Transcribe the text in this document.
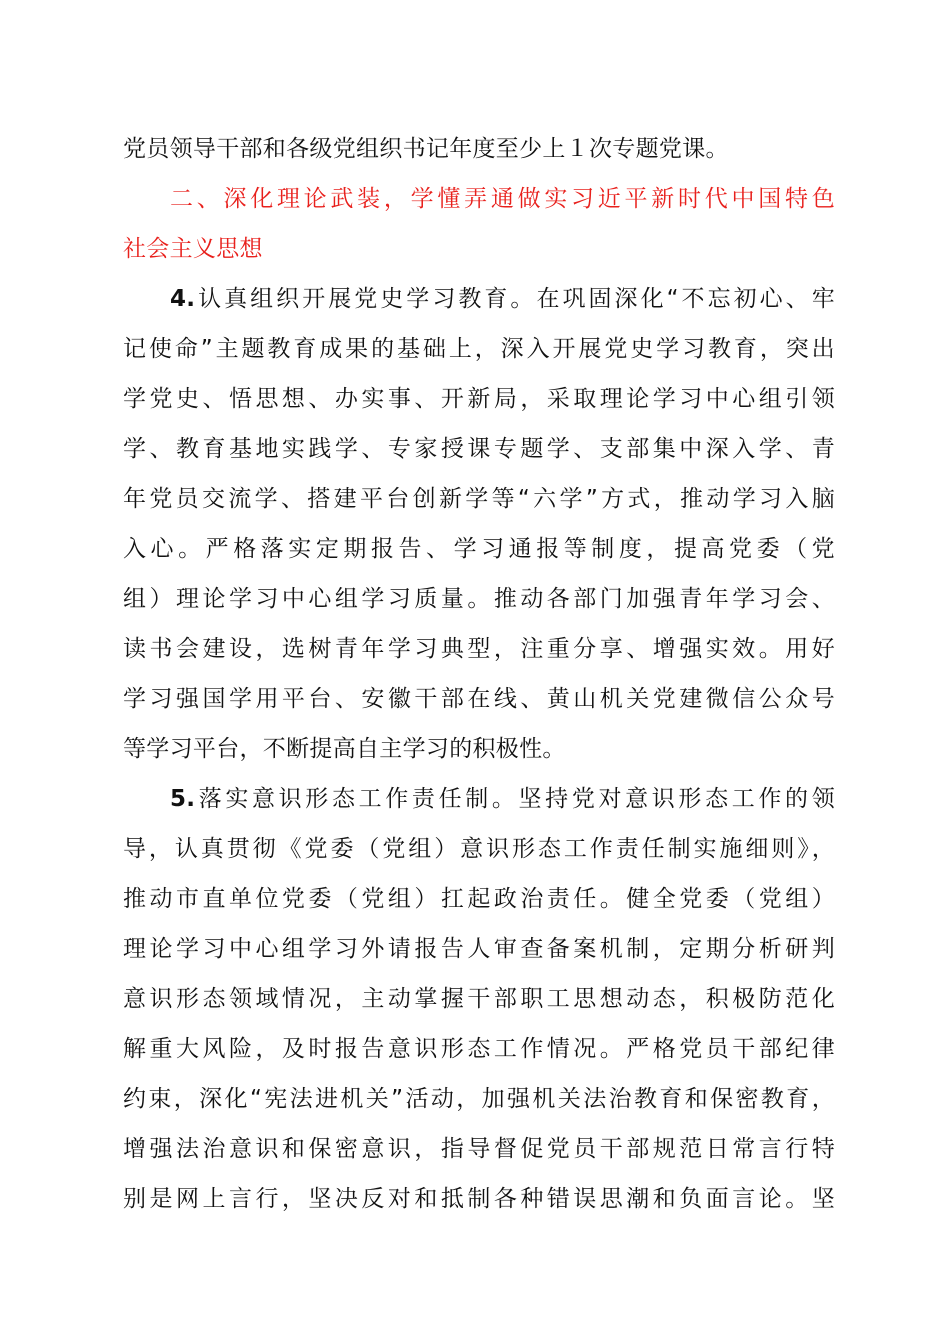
党员领导干部和各级党组织书记年度至少上１次专题党课。
二、深化理论武装，学懂弄通做实习近平新时代中国特色
社会主义思想
4.认真组织开展党史学习教育。在巩固深化“不忘初心、牢
记使命”主题教育成果的基础上，深入开展党史学习教育，突出
学党史、悟思想、办实事、开新局，采取理论学习中心组引领
学、教育基地实践学、专家授课专题学、支部集中深入学、青
年党员交流学、搭建平台创新学等“六学”方式，推动学习入脑
入心。严格落实定期报告、学习通报等制度，提高党委（党
组）理论学习中心组学习质量。推动各部门加强青年学习会、
读书会建设，选树青年学习典型，注重分享、增强实效。用好
学习强国学用平台、安徽干部在线、黄山机关党建微信公众号
等学习平台，不断提高自主学习的积极性。
5.落实意识形态工作责任制。坚持党对意识形态工作的领
导，认真贯彻《党委（党组）意识形态工作责任制实施细则》，
推动市直单位党委（党组）扛起政治责任。健全党委（党组）
理论学习中心组学习外请报告人审查备案机制，定期分析研判
意识形态领域情况，主动掌握干部职工思想动态，积极防范化
解重大风险，及时报告意识形态工作情况。严格党员干部纪律
约束，深化“宪法进机关”活动，加强机关法治教育和保密教育，
增强法治意识和保密意识，指导督促党员干部规范日常言行特
别是网上言行，坚决反对和抵制各种错误思潮和负面言论。坚
